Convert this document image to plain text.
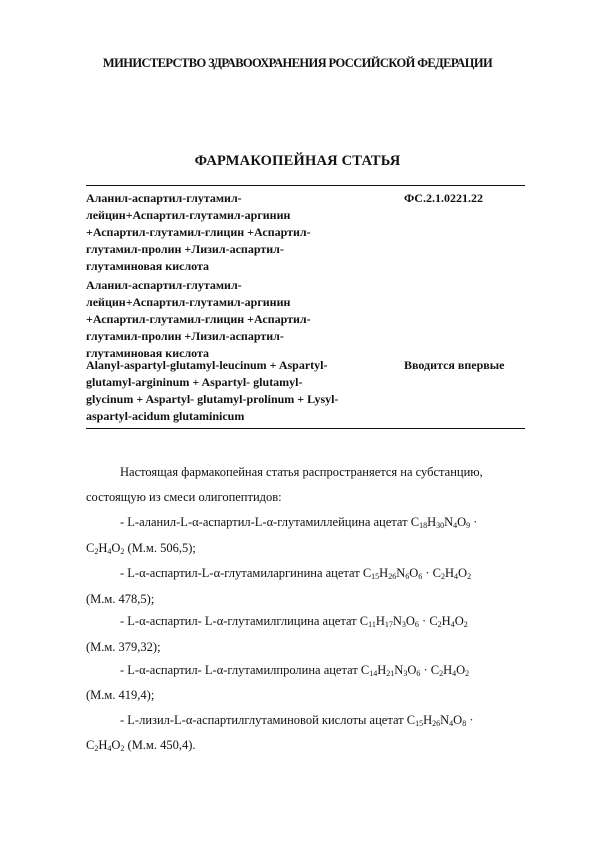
МИНИСТЕРСТВО ЗДРАВООХРАНЕНИЯ РОССИЙСКОЙ ФЕДЕРАЦИИ
ФАРМАКОПЕЙНАЯ СТАТЬЯ
Аланил-аспартил-глутамил-
лейцин+Аспартил-глутамил-аргинин
+Аспартил-глутамил-глицин +Аспартил-
глутамил-пролин +Лизил-аспартил-
глутаминовая кислота
ФС.2.1.0221.22
Аланил-аспартил-глутамил-
лейцин+Аспартил-глутамил-аргинин
+Аспартил-глутамил-глицин +Аспартил-
глутамил-пролин +Лизил-аспартил-
глутаминовая кислота
Alanyl-aspartyl-glutamyl-leucinum + Aspartyl-
glutamyl-argininum + Aspartyl- glutamyl-
glycinum + Aspartyl- glutamyl-prolinum + Lysyl-
aspartyl-acidum glutaminicum
Вводится впервые
Настоящая фармакопейная статья распространяется на субстанцию,
состоящую из смеси олигопептидов:
- L-аланил-L-α-аспартил-L-α-глутамиллейцина ацетат $C_{18}H_{30}N_4O_9$ ·
$C_2H_4O_2$ (М.м. 506,5);
- L-α-аспартил-L-α-глутамиларгинина ацетат $C_{15}H_{26}N_6O_6 \cdot C_2H_4O_2$
(М.м. 478,5);
- L-α-аспартил- L-α-глутамилглицина ацетат $C_{11}H_{17}N_3O_6 \cdot C_2H_4O_2$
(М.м. 379,32);
- L-α-аспартил- L-α-глутамилпролина ацетат $C_{14}H_{21}N_3O_6 \cdot C_2H_4O_2$
(М.м. 419,4);
- L-лизил-L-α-аспартилглутаминовой кислоты ацетат $C_{15}H_{26}N_4O_8$ ·
$C_2H_4O_2$ (М.м. 450,4).
